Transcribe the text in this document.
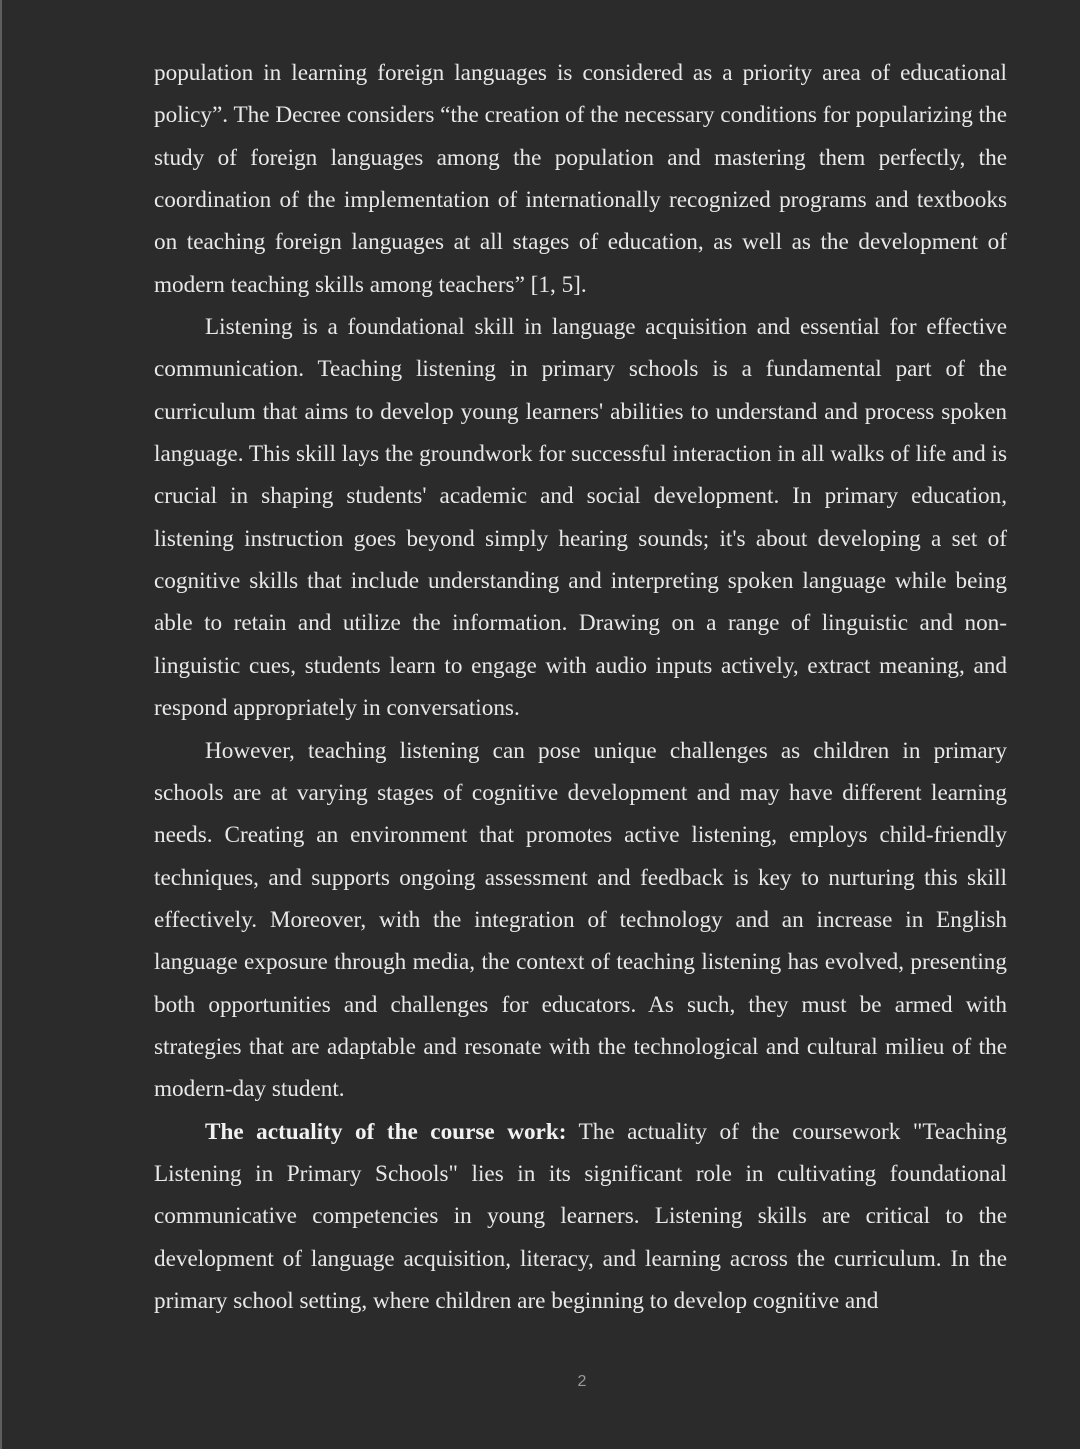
population in learning foreign languages is considered as a priority area of educational policy”. The Decree considers “the creation of the necessary conditions for popularizing the study of foreign languages among the population and mastering them perfectly, the coordination of the implementation of internationally recognized programs and textbooks on teaching foreign languages at all stages of education, as well as the development of modern teaching skills among teachers” [1, 5].

Listening is a foundational skill in language acquisition and essential for effective communication. Teaching listening in primary schools is a fundamental part of the curriculum that aims to develop young learners' abilities to understand and process spoken language. This skill lays the groundwork for successful interaction in all walks of life and is crucial in shaping students' academic and social development. In primary education, listening instruction goes beyond simply hearing sounds; it's about developing a set of cognitive skills that include understanding and interpreting spoken language while being able to retain and utilize the information. Drawing on a range of linguistic and non-linguistic cues, students learn to engage with audio inputs actively, extract meaning, and respond appropriately in conversations.

However, teaching listening can pose unique challenges as children in primary schools are at varying stages of cognitive development and may have different learning needs. Creating an environment that promotes active listening, employs child-friendly techniques, and supports ongoing assessment and feedback is key to nurturing this skill effectively. Moreover, with the integration of technology and an increase in English language exposure through media, the context of teaching listening has evolved, presenting both opportunities and challenges for educators. As such, they must be armed with strategies that are adaptable and resonate with the technological and cultural milieu of the modern-day student.

The actuality of the course work: The actuality of the coursework "Teaching Listening in Primary Schools" lies in its significant role in cultivating foundational communicative competencies in young learners. Listening skills are critical to the development of language acquisition, literacy, and learning across the curriculum. In the primary school setting, where children are beginning to develop cognitive and

2
